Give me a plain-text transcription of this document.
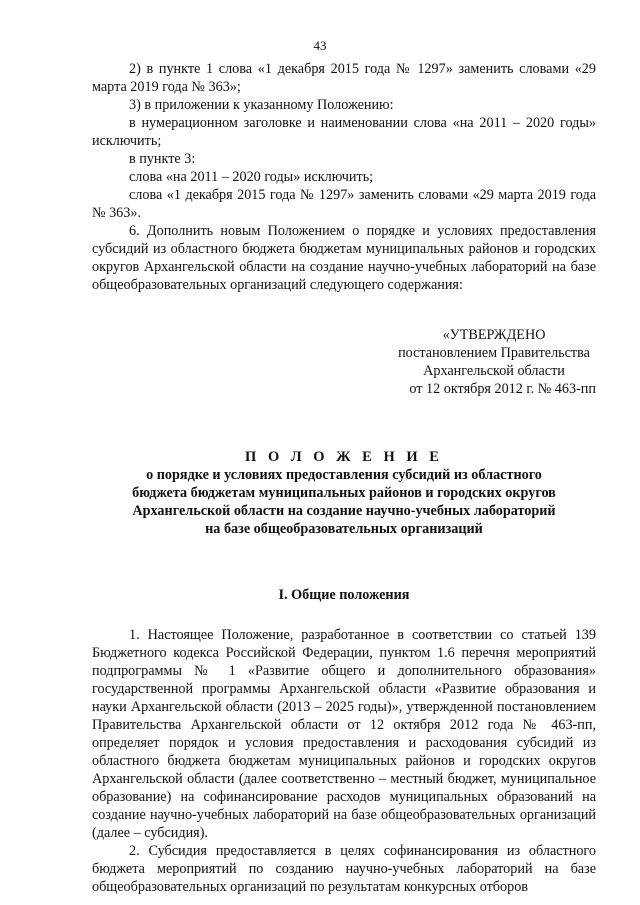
43

2) в пункте 1 слова «1 декабря 2015 года № 1297» заменить словами «29 марта 2019 года № 363»;

3) в приложении к указанному Положению:

в нумерационном заголовке и наименовании слова «на 2011 – 2020 годы» исключить;

в пункте 3:

слова «на 2011 – 2020 годы» исключить;

слова «1 декабря 2015 года № 1297» заменить словами «29 марта 2019 года № 363».

6. Дополнить новым Положением о порядке и условиях предоставления субсидий из областного бюджета бюджетам муниципальных районов и городских округов Архангельской области на создание научно-учебных лабораторий на базе общеобразовательных организаций следующего содержания:

«УТВЕРЖДЕНО
постановлением Правительства
Архангельской области
от 12 октября 2012 г. № 463-пп
П О Л О Ж Е Н И Е
о порядке и условиях предоставления субсидий из областного
бюджета бюджетам муниципальных районов и городских округов
Архангельской области на создание научно-учебных лабораторий
на базе общеобразовательных организаций
I. Общие положения

1. Настоящее Положение, разработанное в соответствии со статьей 139 Бюджетного кодекса Российской Федерации, пунктом 1.6 перечня мероприятий подпрограммы № 1 «Развитие общего и дополнительного образования» государственной программы Архангельской области «Развитие образования и науки Архангельской области (2013 – 2025 годы)», утвержденной постановлением Правительства Архангельской области от 12 октября 2012 года № 463-пп, определяет порядок и условия предоставления и расходования субсидий из областного бюджета бюджетам муниципальных районов и городских округов Архангельской области (далее соответственно – местный бюджет, муниципальное образование) на софинансирование расходов муниципальных образований на создание научно-учебных лабораторий на базе общеобразовательных организаций (далее – субсидия).

2. Субсидия предоставляется в целях софинансирования из областного бюджета мероприятий по созданию научно-учебных лабораторий на базе общеобразовательных организаций по результатам конкурсных отборов
